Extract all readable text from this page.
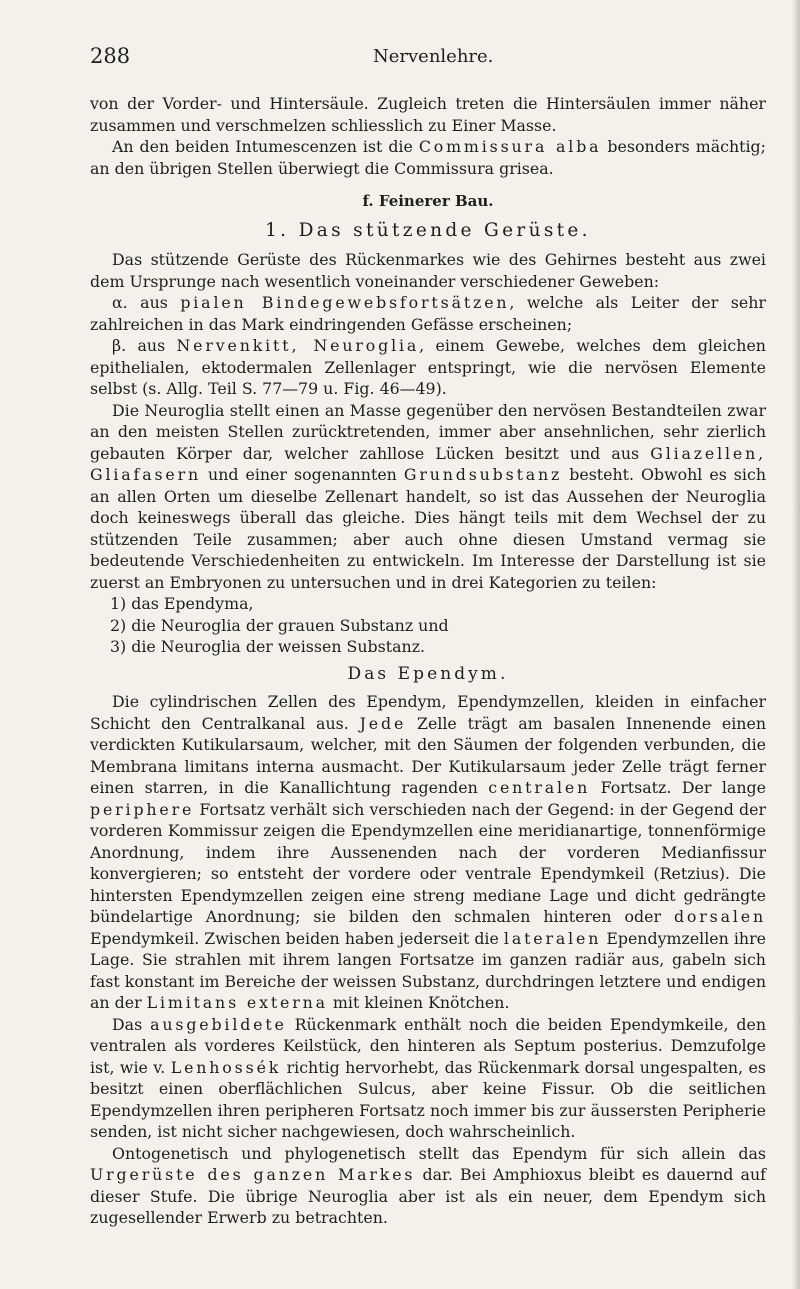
288	Nervenlehre.

von der Vorder- und Hintersäule. Zugleich treten die Hintersäulen immer näher zusammen und verschmelzen schliesslich zu Einer Masse.

An den beiden Intumescenzen ist die Commissura alba besonders mächtig; an den übrigen Stellen überwiegt die Commissura grisea.

f. Feinerer Bau.

1. Das stützende Gerüste.

Das stützende Gerüste des Rückenmarkes wie des Gehirnes besteht aus zwei dem Ursprunge nach wesentlich voneinander verschiedener Geweben:

α. aus pialen Bindegewebsfortsätzen, welche als Leiter der sehr zahlreichen in das Mark eindringenden Gefässe erscheinen;

β. aus Nervenkitt, Neuroglia, einem Gewebe, welches dem gleichen epithelialen, ektodermalen Zellenlager entspringt, wie die nervösen Elemente selbst (s. Allg. Teil S. 77—79 u. Fig. 46—49).

Die Neuroglia stellt einen an Masse gegenüber den nervösen Bestandteilen zwar an den meisten Stellen zurücktretenden, immer aber ansehnlichen, sehr zierlich gebauten Körper dar, welcher zahllose Lücken besitzt und aus Gliazellen, Gliafasern und einer sogenannten Grundsubstanz besteht. Obwohl es sich an allen Orten um dieselbe Zellenart handelt, so ist das Aussehen der Neuroglia doch keineswegs überall das gleiche. Dies hängt teils mit dem Wechsel der zu stützenden Teile zusammen; aber auch ohne diesen Umstand vermag sie bedeutende Verschiedenheiten zu entwickeln. Im Interesse der Darstellung ist sie zuerst an Embryonen zu untersuchen und in drei Kategorien zu teilen:

1) das Ependyma,

2) die Neuroglia der grauen Substanz und

3) die Neuroglia der weissen Substanz.

Das Ependym.

Die cylindrischen Zellen des Ependym, Ependymzellen, kleiden in einfacher Schicht den Centralkanal aus. Jede Zelle trägt am basalen Innenende einen verdickten Kutikularsaum, welcher, mit den Säumen der folgenden verbunden, die Membrana limitans interna ausmacht. Der Kutikularsaum jeder Zelle trägt ferner einen starren, in die Kanallichtung ragenden centralen Fortsatz. Der lange periphere Fortsatz verhält sich verschieden nach der Gegend: in der Gegend der vorderen Kommissur zeigen die Ependymzellen eine meridianartige, tonnenförmige Anordnung, indem ihre Aussenenden nach der vorderen Medianfissur konvergieren; so entsteht der vordere oder ventrale Ependymkeil (Retzius). Die hintersten Ependymzellen zeigen eine streng mediane Lage und dicht gedrängte bündelartige Anordnung; sie bilden den schmalen hinteren oder dorsalen Ependymkeil. Zwischen beiden haben jederseit die lateralen Ependymzellen ihre Lage. Sie strahlen mit ihrem langen Fortsatze im ganzen radiär aus, gabeln sich fast konstant im Bereiche der weissen Substanz, durchdringen letztere und endigen an der Limitans externa mit kleinen Knötchen.

Das ausgebildete Rückenmark enthält noch die beiden Ependymkeile, den ventralen als vorderes Keilstück, den hinteren als Septum posterius. Demzufolge ist, wie v. Lenhossék richtig hervorhebt, das Rückenmark dorsal ungespalten, es besitzt einen oberflächlichen Sulcus, aber keine Fissur. Ob die seitlichen Ependymzellen ihren peripheren Fortsatz noch immer bis zur äussersten Peripherie senden, ist nicht sicher nachgewiesen, doch wahrscheinlich.

Ontogenetisch und phylogenetisch stellt das Ependym für sich allein das Urgerüste des ganzen Markes dar. Bei Amphioxus bleibt es dauernd auf dieser Stufe. Die übrige Neuroglia aber ist als ein neuer, dem Ependym sich zugesellender Erwerb zu betrachten.
